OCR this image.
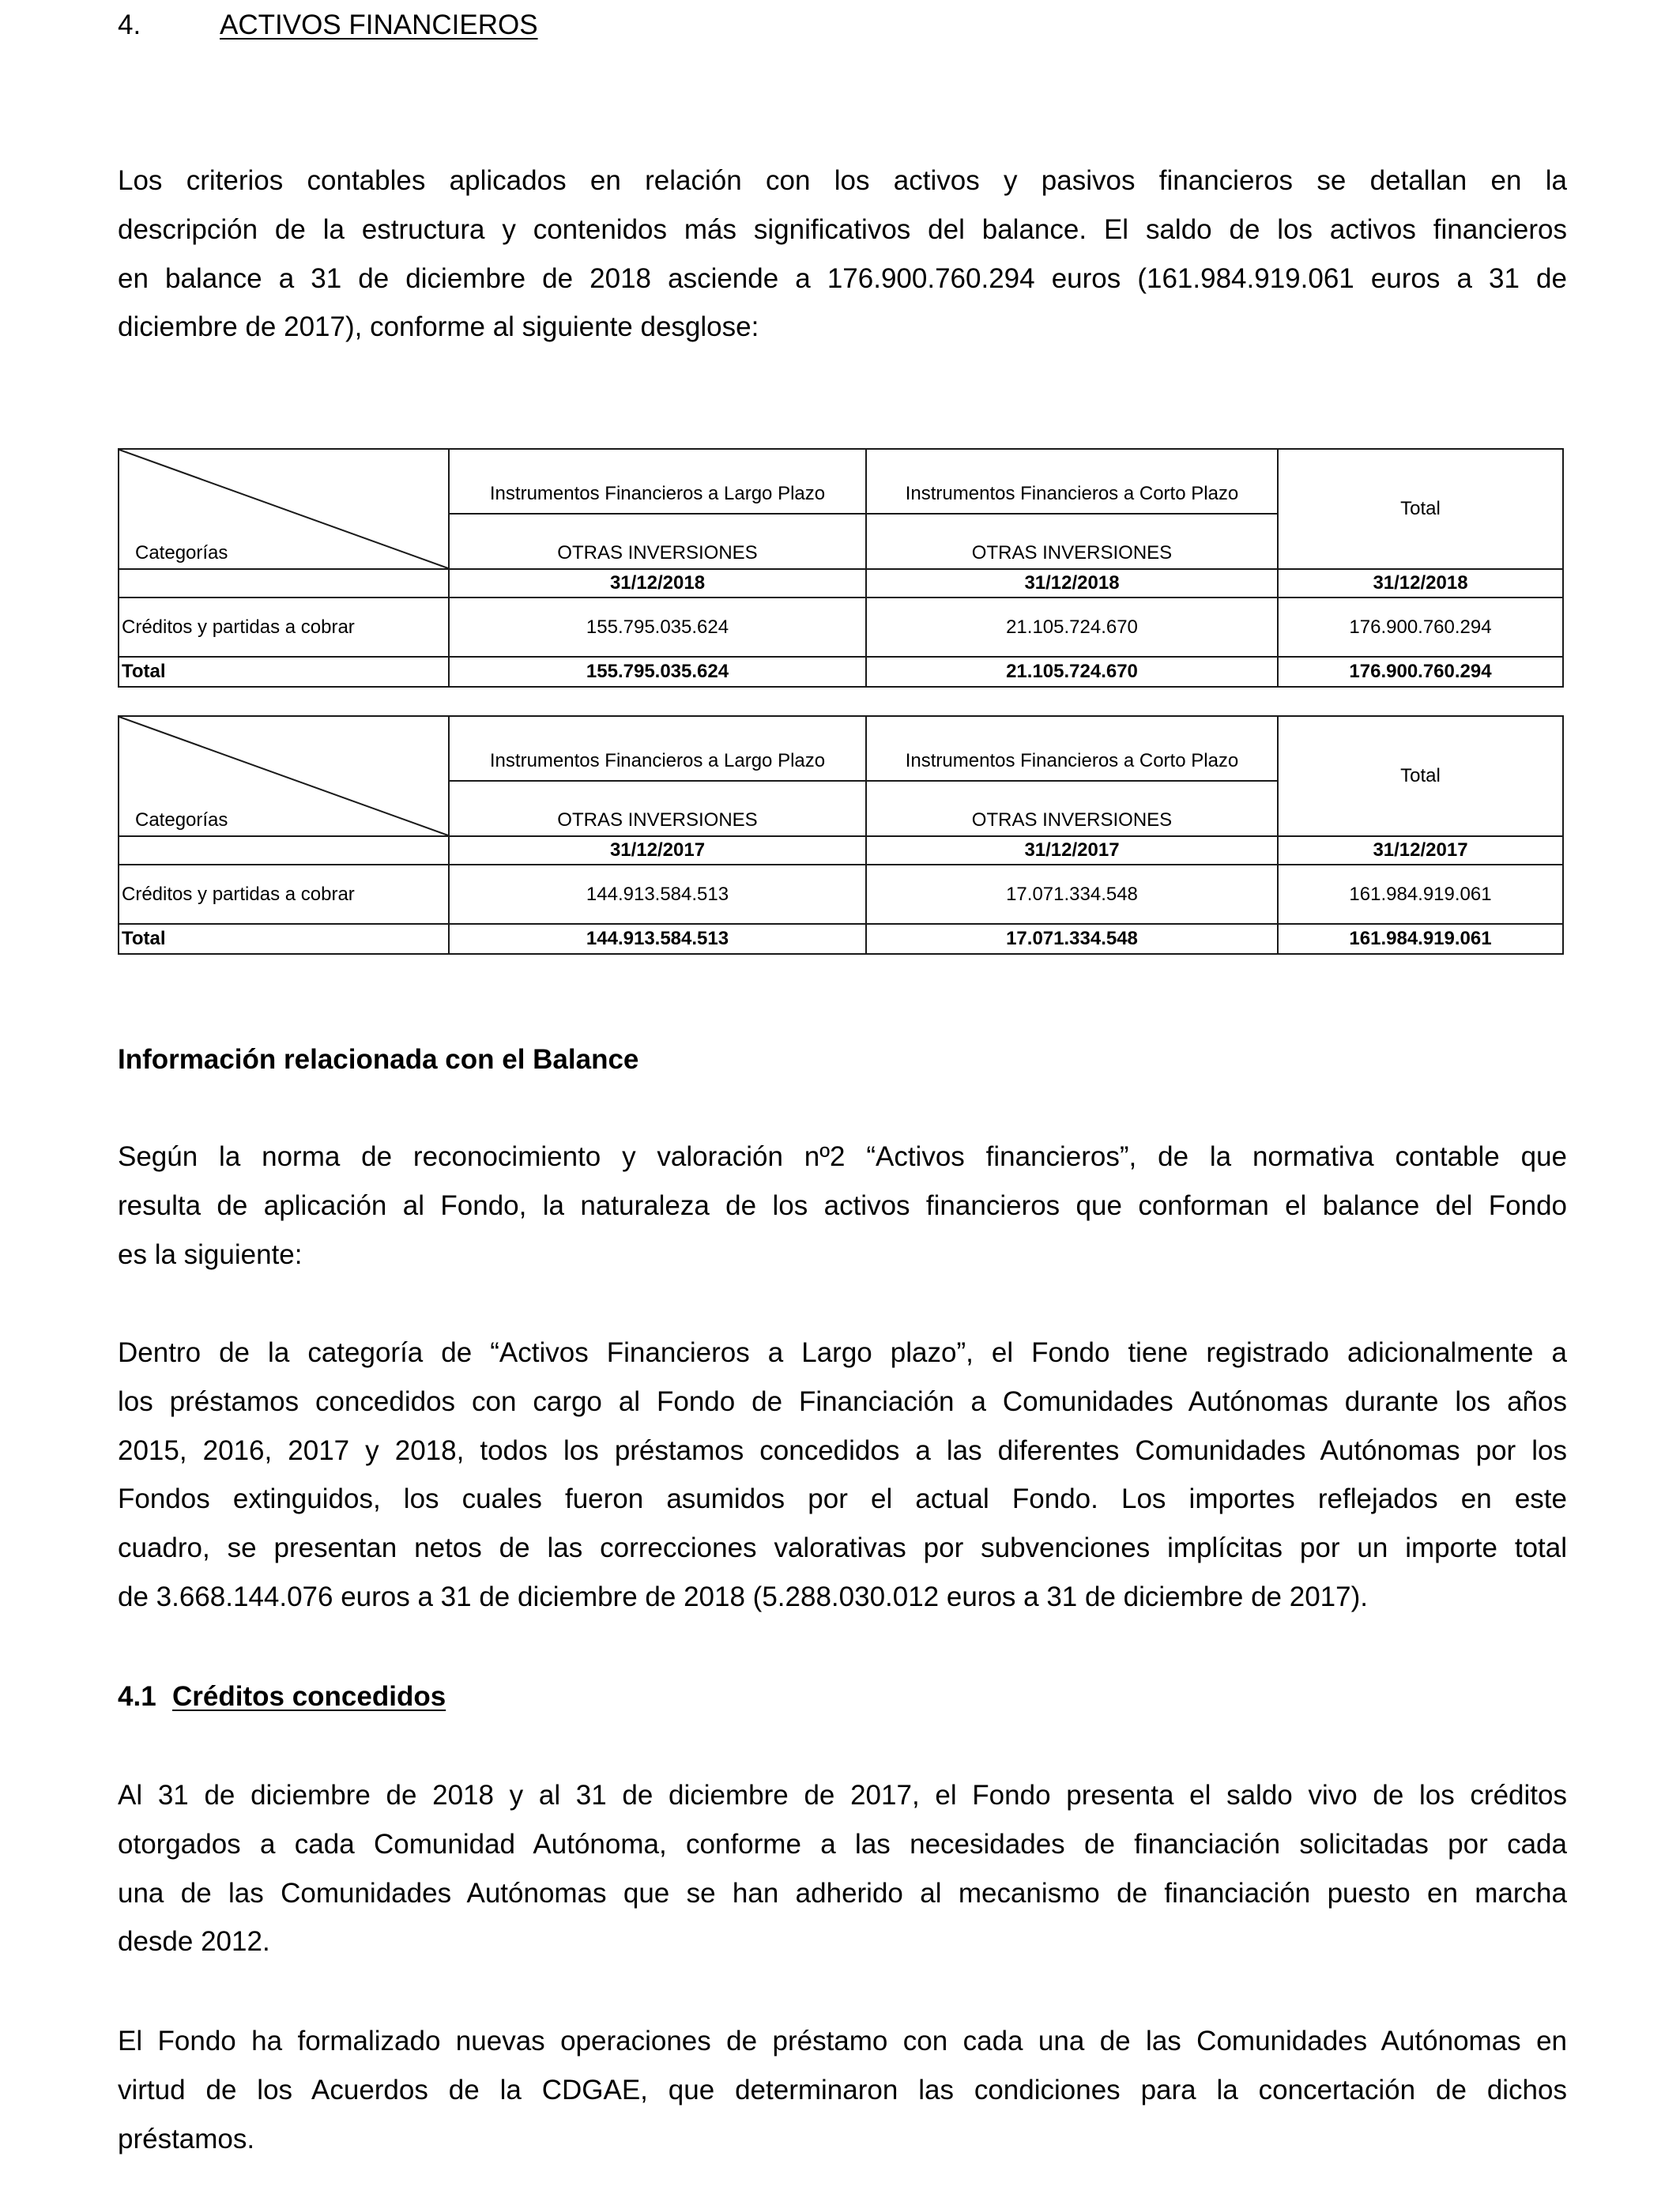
4.	ACTIVOS FINANCIEROS
Los criterios contables aplicados en relación con los activos y pasivos financieros se detallan en la
descripción de la estructura y contenidos más significativos del balance. El saldo de los activos financieros
en balance a 31 de diciembre de 2018 asciende a 176.900.760.294 euros (161.984.919.061 euros a 31 de
diciembre de 2017), conforme al siguiente desglose:
Categorías	Instrumentos Financieros a Largo Plazo	Instrumentos Financieros a Corto Plazo	Total
	OTRAS INVERSIONES	OTRAS INVERSIONES	
	31/12/2018	31/12/2018	31/12/2018
Créditos y partidas a cobrar	155.795.035.624	21.105.724.670	176.900.760.294
Total	155.795.035.624	21.105.724.670	176.900.760.294
Categorías	Instrumentos Financieros a Largo Plazo	Instrumentos Financieros a Corto Plazo	Total
	OTRAS INVERSIONES	OTRAS INVERSIONES	
	31/12/2017	31/12/2017	31/12/2017
Créditos y partidas a cobrar	144.913.584.513	17.071.334.548	161.984.919.061
Total	144.913.584.513	17.071.334.548	161.984.919.061
Información relacionada con el Balance
Según la norma de reconocimiento y valoración nº2 “Activos financieros”, de la normativa contable que
resulta de aplicación al Fondo, la naturaleza de los activos financieros que conforman el balance del Fondo
es la siguiente:
Dentro de la categoría de “Activos Financieros a Largo plazo”, el Fondo tiene registrado adicionalmente a
los préstamos concedidos con cargo al Fondo de Financiación a Comunidades Autónomas durante los años
2015, 2016, 2017 y 2018, todos los préstamos concedidos a las diferentes Comunidades Autónomas por los
Fondos extinguidos, los cuales fueron asumidos por el actual Fondo. Los importes reflejados en este
cuadro, se presentan netos de las correcciones valorativas por subvenciones implícitas por un importe total
de 3.668.144.076 euros a 31 de diciembre de 2018 (5.288.030.012 euros a 31 de diciembre de 2017).
4.1 Créditos concedidos
Al 31 de diciembre de 2018 y al 31 de diciembre de 2017, el Fondo presenta el saldo vivo de los créditos
otorgados a cada Comunidad Autónoma, conforme a las necesidades de financiación solicitadas por cada
una de las Comunidades Autónomas que se han adherido al mecanismo de financiación puesto en marcha
desde 2012.
El Fondo ha formalizado nuevas operaciones de préstamo con cada una de las Comunidades Autónomas en
virtud de los Acuerdos de la CDGAE, que determinaron las condiciones para la concertación de dichos
préstamos.
